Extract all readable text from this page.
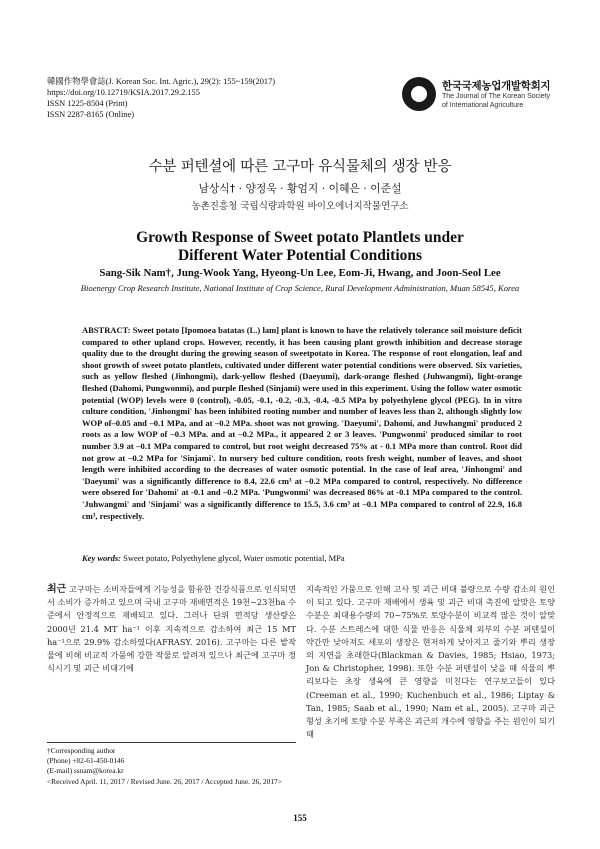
韓國作物學會誌(J. Korean Soc. Int. Agric.), 29(2): 155~159(2017)
https://doi.org/10.12719/KSIA.2017.29.2.155
ISSN 1225-8504 (Print)
ISSN 2287-8165 (Online)
한국국제농업개발학회지
The Journal of The Korean Society
of International Agriculture
수분 퍼텐셜에 따른 고구마 유식물체의 생장 반응
남상식† · 양정욱 · 황엄지 · 이혜은 · 이준설
농촌진흥청 국립식량과학원 바이오에너지작물연구소
Growth Response of Sweet potato Plantlets under
Different Water Potential Conditions
Sang-Sik Nam†, Jung-Wook Yang, Hyeong-Un Lee, Eom-Ji, Hwang, and Joon-Seol Lee
Bioenergy Crop Research Institute, National Institute of Crop Science, Rural Development Administration, Muan 58545, Korea
ABSTRACT: Sweet potato [Ipomoea batatas (L.) lam] plant is known to have the relatively tolerance soil moisture deficit compared to other upland crops. However, recently, it has been causing plant growth inhibition and decrease storage quality due to the drought during the growing season of sweetpotato in Korea. The response of root elongation, leaf and shoot growth of sweet potato plantlets, cultivated under different water potential conditions were observed. Six varieties, such as yellow fleshed (Jinhongmi), dark-yellow fleshed (Daeyumi), dark-orange fleshed (Juhwangmi), light-orange fleshed (Dahomi, Pungwonmi), and purple fleshed (Sinjami) were used in this experiment. Using the follow water osmotic potential (WOP) levels were 0 (control), -0.05, -0.1, -0.2, -0.3, -0.4, -0.5 MPa by polyethylene glycol (PEG). In in vitro culture condition, 'Jinhongmi' has been inhibited rooting number and number of leaves less than 2, although slightly low WOP of–0.05 and –0.1 MPa, and at –0.2 MPa. shoot was not growing. 'Daeyumi', Dahomi, and Juwhangmi' produced 2 roots as a low WOP of –0.3 MPa. and at –0.2 MPa., it appeared 2 or 3 leaves. 'Pungwonmi' produced similar to root number 3.9 at –0.1 MPa compared to control, but root weight decreased 75% at - 0.1 MPa more than control. Root did not grow at –0.2 MPa for 'Sinjami'. In nursery bed culture condition, roots fresh weight, number of leaves, and shoot length were inhibited according to the decreases of water osmotic potential. In the case of leaf area, 'Jinhongmi' and 'Daeyumi' was a significantly difference to 8.4, 22.6 cm³ at –0.2 MPa compared to control, respectively. No difference were obsered for 'Dahomi' at -0.1 and –0.2 MPa. 'Pungwonmi' was decreased 86% at -0.1 MPa compared to the control. 'Juhwangmi' and 'Sinjami' was a significantly difference to 15.5, 3.6 cm³ at –0.1 MPa compared to control of 22.9, 16.8 cm³, respectively.
Key words: Sweet potato, Polyethylene glycol, Water osmotic potential, MPa
최근 고구마는 소비자들에게 기능성을 함유한 건강식품으로 인식되면서 소비가 증가하고 있으며 국내 고구마 재배면적은 19천~23천ha 수준에서 안정적으로 재배되고 있다. 그러나 단위 면적당 생산량은 2000년 21.4 MT ha⁻¹ 이후 지속적으로 감소하여 최근 15 MT ha⁻¹으로 29.9% 감소하였다(AFRASY. 2016). 고구마는 다른 밭작물에 비해 비교적 가뭄에 강한 작물로 알려져 있으나 최근에 고구마 정식시기 및 괴근 비대기에
지속적인 가뭄으로 인해 고사 및 괴근 비대 불량으로 수량 감소의 원인이 되고 있다. 고구마 재배에서 생육 및 괴근 비대 촉진에 알맞은 토양수분은 최대용수량의 70~75%로 토양수분이 비교적 많은 것이 알맞다. 수분 스트레스에 대한 식물 반응은 식물체 외부의 수분 퍼텐셜이 약간만 낮아져도 세포의 생장은 현저하게 낮아지고 줄기와 뿌리 생장의 지연을 초래한다(Blackman & Davies, 1985; Hsiao, 1973; Jon & Christopher, 1998). 또한 수분 퍼텐셜이 낮을 때 식물의 뿌리보다는 초장 생육에 큰 영향을 미친다는 연구보고들이 있다(Creeman et al., 1990; Kuchenbuch et al., 1986; Liptay & Tan, 1985; Saab et al., 1990; Nam et al., 2005). 고구마 괴근 형성 초기에 토양 수분 부족은 괴근의 개수에 영향을 주는 원인이 되기 때
†Corresponding author
(Phone) +82-61-450-0146
(E-mail) ssnam@korea.kr
<Received April. 11, 2017 / Revised June. 26, 2017 / Accepted June. 26, 2017>
155
